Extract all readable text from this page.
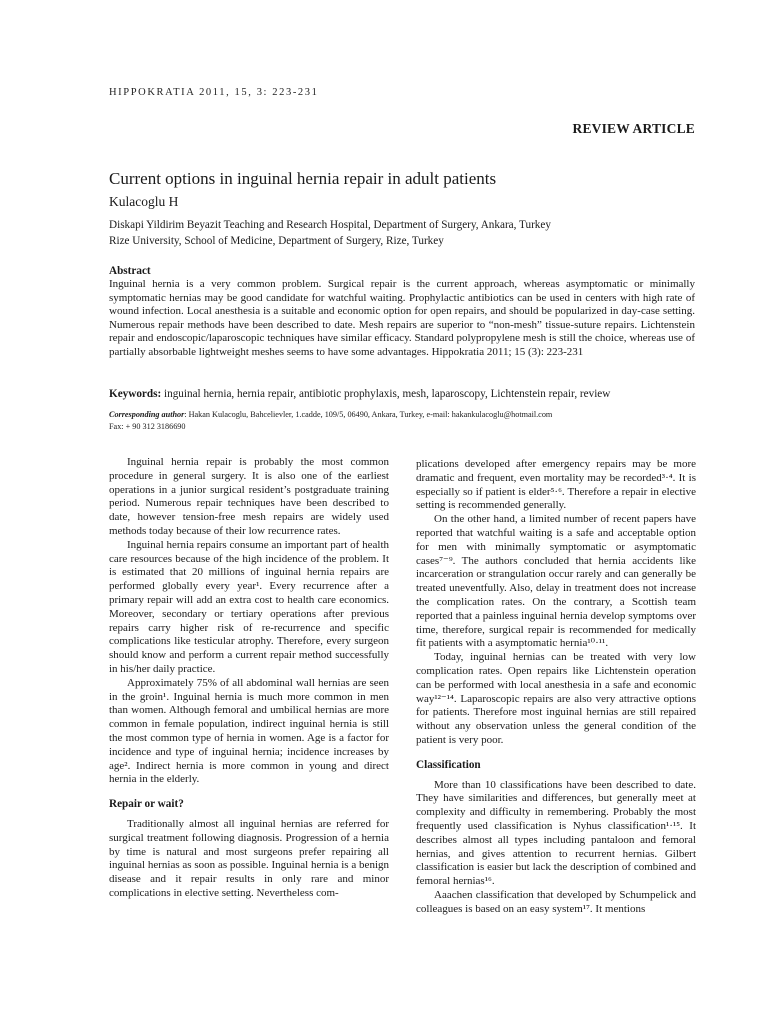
HIPPOKRATIA 2011, 15, 3: 223-231
REVIEW ARTICLE
Current options in inguinal hernia repair in adult patients
Kulacoglu H
Diskapi Yildirim Beyazit Teaching and Research Hospital, Department of Surgery, Ankara, Turkey
Rize University, School of Medicine, Department of Surgery, Rize, Turkey
Abstract

Inguinal hernia is a very common problem. Surgical repair is the current approach, whereas asymptomatic or minimally symptomatic hernias may be good candidate for watchful waiting. Prophylactic antibiotics can be used in centers with high rate of wound infection. Local anesthesia is a suitable and economic option for open repairs, and should be popularized in day-case setting. Numerous repair methods have been described to date. Mesh repairs are superior to “non-mesh” tissue-suture repairs. Lichtenstein repair and endoscopic/laparoscopic techniques have similar efficacy. Standard polypropylene mesh is still the choice, whereas use of partially absorbable lightweight meshes seems to have some advantages. Hippokratia 2011; 15 (3): 223-231

Keywords: inguinal hernia, hernia repair, antibiotic prophylaxis, mesh, laparoscopy, Lichtenstein repair, review
Corresponding author: Hakan Kulacoglu, Bahcelievler, 1.cadde, 109/5, 06490, Ankara, Turkey, e-mail: hakankulacoglu@hotmail.com
Fax: + 90 312 3186690

Inguinal hernia repair is probably the most common procedure in general surgery. It is also one of the earliest operations in a junior surgical resident’s postgraduate training period. Numerous repair techniques have been described to date, however tension-free mesh repairs are widely used methods today because of their low recurrence rates.

Inguinal hernia repairs consume an important part of health care resources because of the high incidence of the problem. It is estimated that 20 millions of inguinal hernia repairs are performed globally every year¹. Every recurrence after a primary repair will add an extra cost to health care economics. Moreover, secondary or tertiary operations after previous repairs carry higher risk of re-recurrence and specific complications like testicular atrophy. Therefore, every surgeon should know and perform a current repair method successfully in his/her daily practice.

Approximately 75% of all abdominal wall hernias are seen in the groin¹. Inguinal hernia is much more common in men than women. Although femoral and umbilical hernias are more common in female population, indirect inguinal hernia is still the most common type of hernia in women. Age is a factor for incidence and type of inguinal hernia; incidence increases by age². Indirect hernia is more common in young and direct hernia in the elderly.

Repair or wait?

Traditionally almost all inguinal hernias are referred for surgical treatment following diagnosis. Progression of a hernia by time is natural and most surgeons prefer repairing all inguinal hernias as soon as possible. Inguinal hernia is a benign disease and it repair results in only rare and minor complications in elective setting. Nevertheless com-

plications developed after emergency repairs may be more dramatic and frequent, even mortality may be recorded³·⁴. It is especially so if patient is elder⁵·⁶. Therefore a repair in elective setting is recommended generally.

On the other hand, a limited number of recent papers have reported that watchful waiting is a safe and acceptable option for men with minimally symptomatic or asymptomatic cases⁷⁻⁹. The authors concluded that hernia accidents like incarceration or strangulation occur rarely and can generally be treated uneventfully. Also, delay in treatment does not increase the complication rates. On the contrary, a Scottish team reported that a painless inguinal hernia develop symptoms over time, therefore, surgical repair is recommended for medically fit patients with a asymptomatic hernia¹⁰·¹¹.

Today, inguinal hernias can be treated with very low complication rates. Open repairs like Lichtenstein operation can be performed with local anesthesia in a safe and economic way¹²⁻¹⁴. Laparoscopic repairs are also very attractive options for patients. Therefore most inguinal hernias are still repaired without any observation unless the general condition of the patient is very poor.

Classification

More than 10 classifications have been described to date. They have similarities and differences, but generally meet at complexity and difficulty in remembering. Probably the most frequently used classification is Nyhus classification¹·¹⁵. It describes almost all types including pantaloon and femoral hernias, and gives attention to recurrent hernias. Gilbert classification is easier but lack the description of combined and femoral hernias¹⁶.

Aaachen classification that developed by Schumpelick and colleagues is based on an easy system¹⁷. It mentions
